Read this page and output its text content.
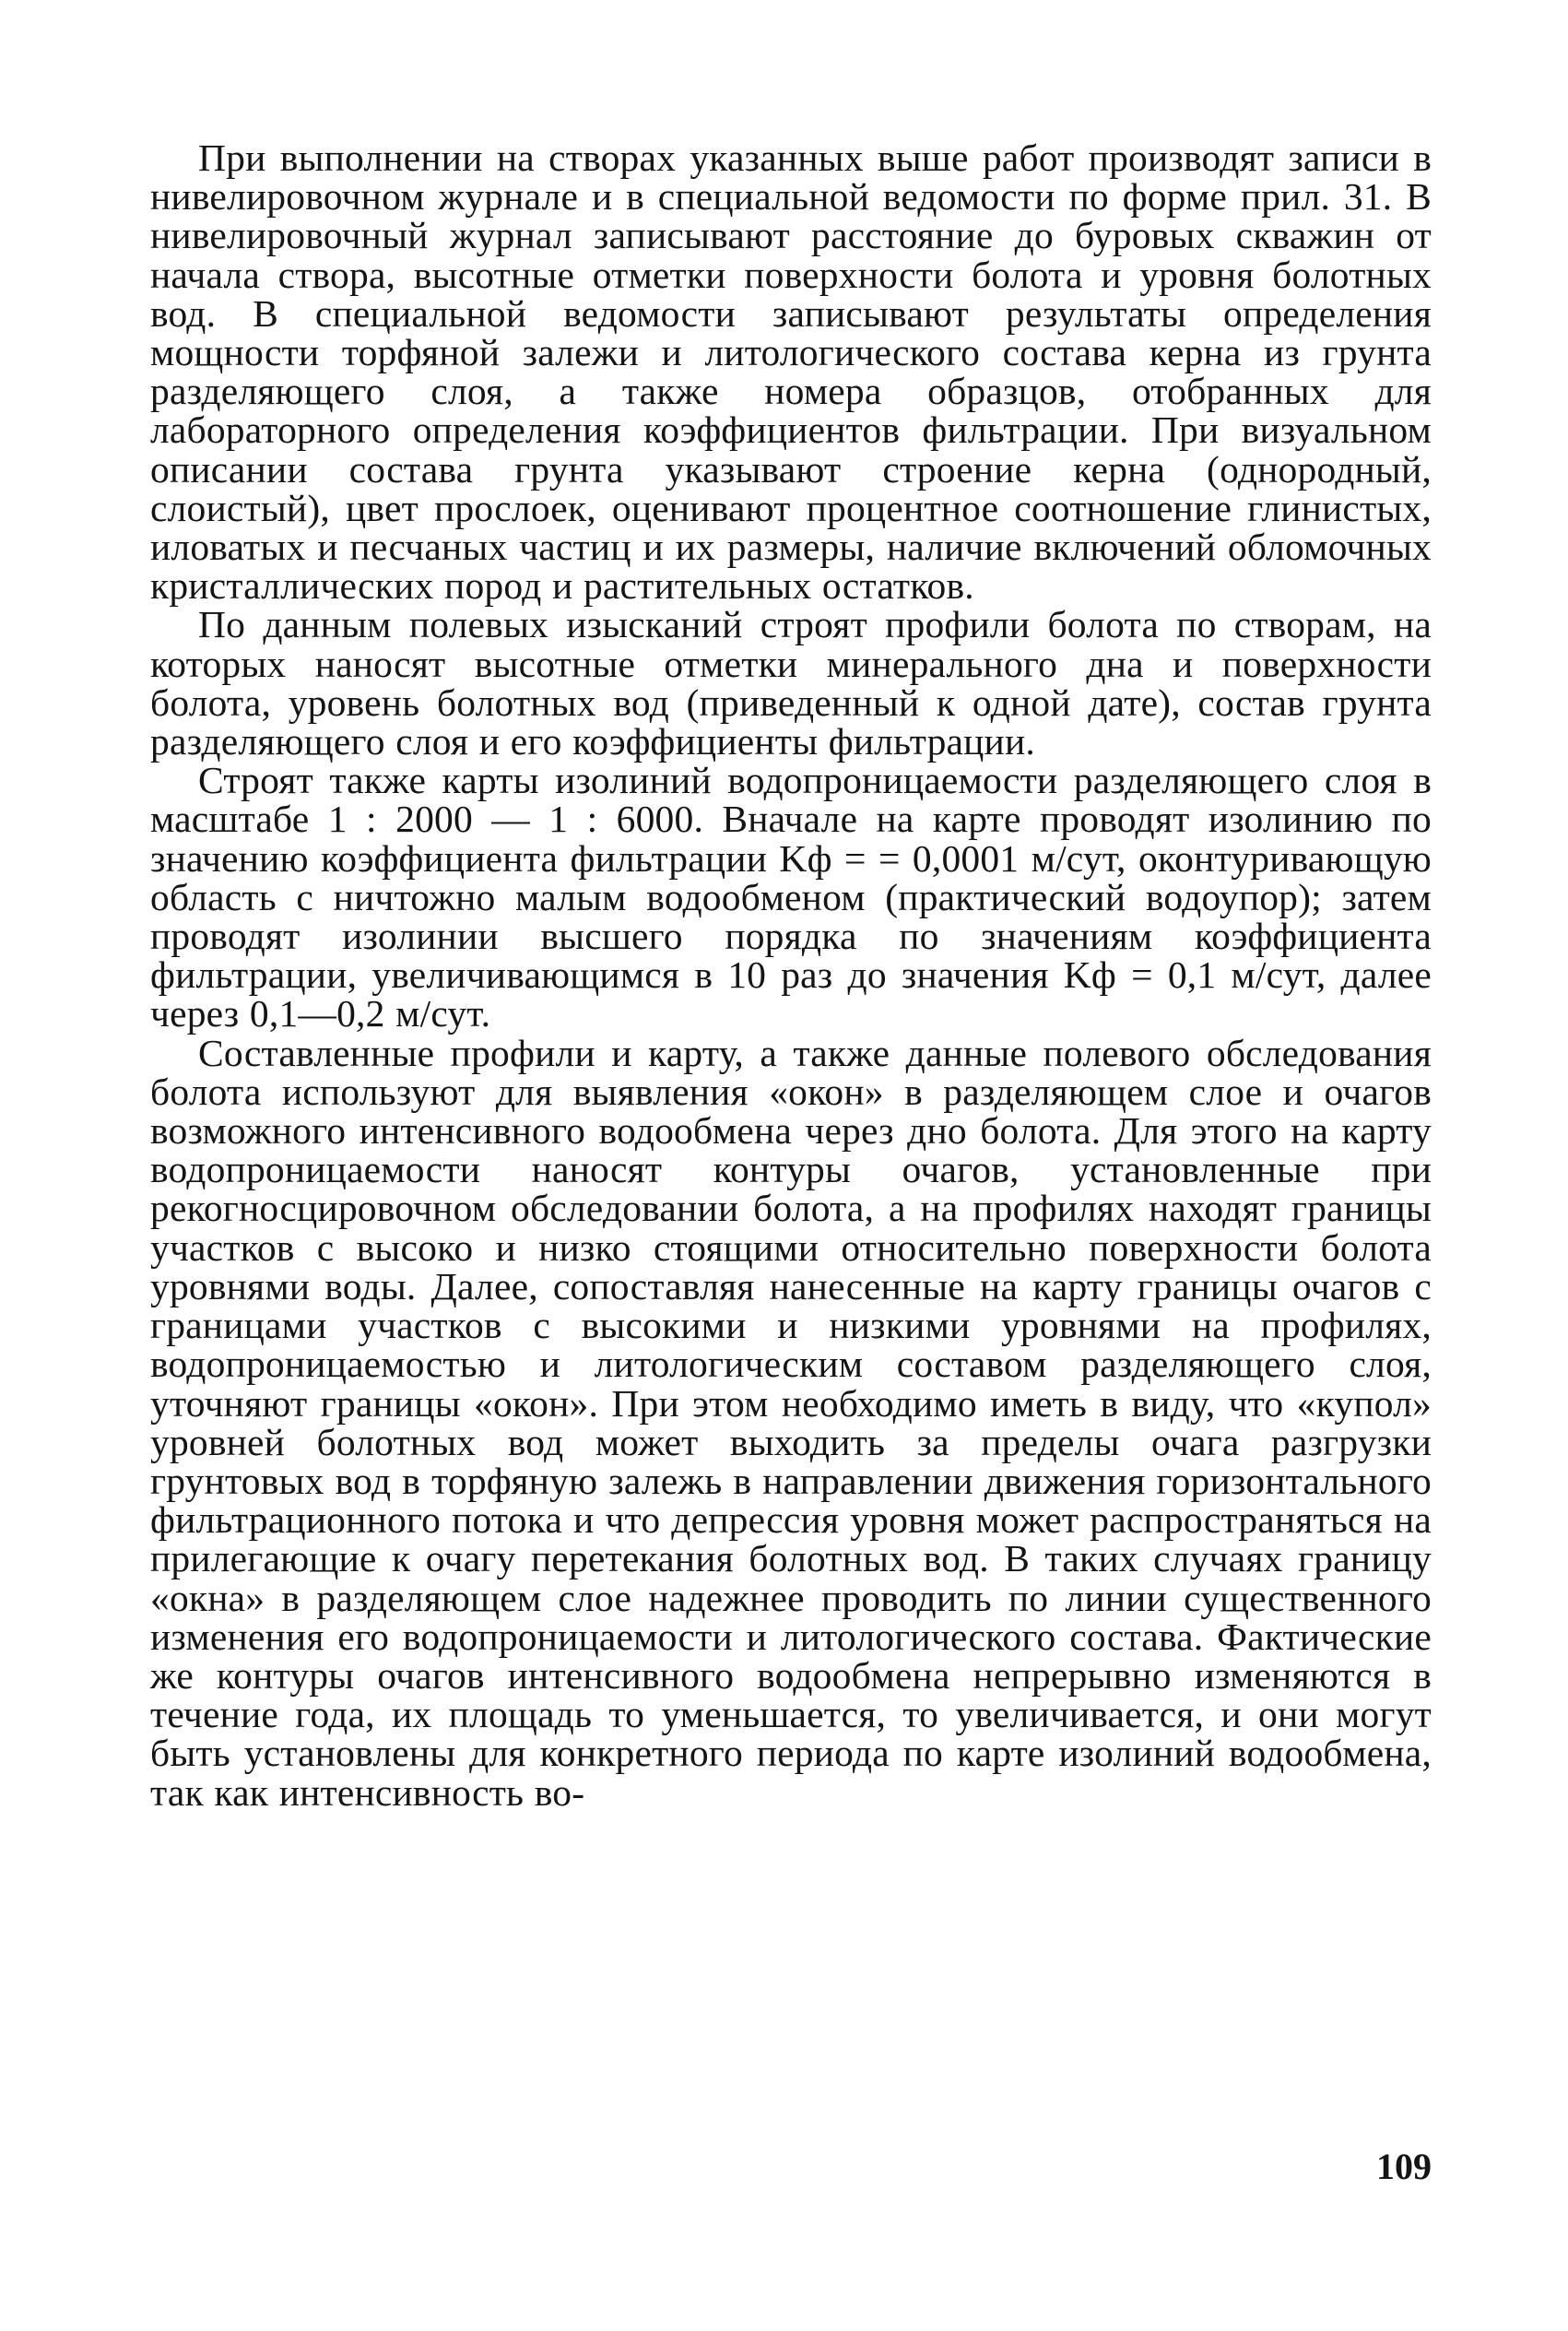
При выполнении на створах указанных выше работ производят записи в нивелировочном журнале и в специальной ведомости по форме прил. 31. В нивелировочный журнал записывают расстояние до буровых скважин от начала створа, высотные отметки поверхности болота и уровня болотных вод. В специальной ведомости записывают результаты определения мощности торфяной залежи и литологического состава керна из грунта разделяющего слоя, а также номера образцов, отобранных для лабораторного определения коэффициентов фильтрации. При визуальном описании состава грунта указывают строение керна (однородный, слоистый), цвет прослоек, оценивают процентное соотношение глинистых, иловатых и песчаных частиц и их размеры, наличие включений обломочных кристаллических пород и растительных остатков.

По данным полевых изысканий строят профили болота по створам, на которых наносят высотные отметки минерального дна и поверхности болота, уровень болотных вод (приведенный к одной дате), состав грунта разделяющего слоя и его коэффициенты фильтрации.

Строят также карты изолиний водопроницаемости разделяющего слоя в масштабе 1 : 2000 — 1 : 6000. Вначале на карте проводят изолинию по значению коэффициента фильтрации Kф = = 0,0001 м/сут, оконтуривающую область с ничтожно малым водообменом (практический водоупор); затем проводят изолинии высшего порядка по значениям коэффициента фильтрации, увеличивающимся в 10 раз до значения Kф = 0,1 м/сут, далее через 0,1—0,2 м/сут.

Составленные профили и карту, а также данные полевого обследования болота используют для выявления «окон» в разделяющем слое и очагов возможного интенсивного водообмена через дно болота. Для этого на карту водопроницаемости наносят контуры очагов, установленные при рекогносцировочном обследовании болота, а на профилях находят границы участков с высоко и низко стоящими относительно поверхности болота уровнями воды. Далее, сопоставляя нанесенные на карту границы очагов с границами участков с высокими и низкими уровнями на профилях, водопроницаемостью и литологическим составом разделяющего слоя, уточняют границы «окон». При этом необходимо иметь в виду, что «купол» уровней болотных вод может выходить за пределы очага разгрузки грунтовых вод в торфяную залежь в направлении движения горизонтального фильтрационного потока и что депрессия уровня может распространяться на прилегающие к очагу перетекания болотных вод. В таких случаях границу «окна» в разделяющем слое надежнее проводить по линии существенного изменения его водопроницаемости и литологического состава. Фактические же контуры очагов интенсивного водообмена непрерывно изменяются в течение года, их площадь то уменьшается, то увеличивается, и они могут быть установлены для конкретного периода по карте изолиний водообмена, так как интенсивность во-

109
